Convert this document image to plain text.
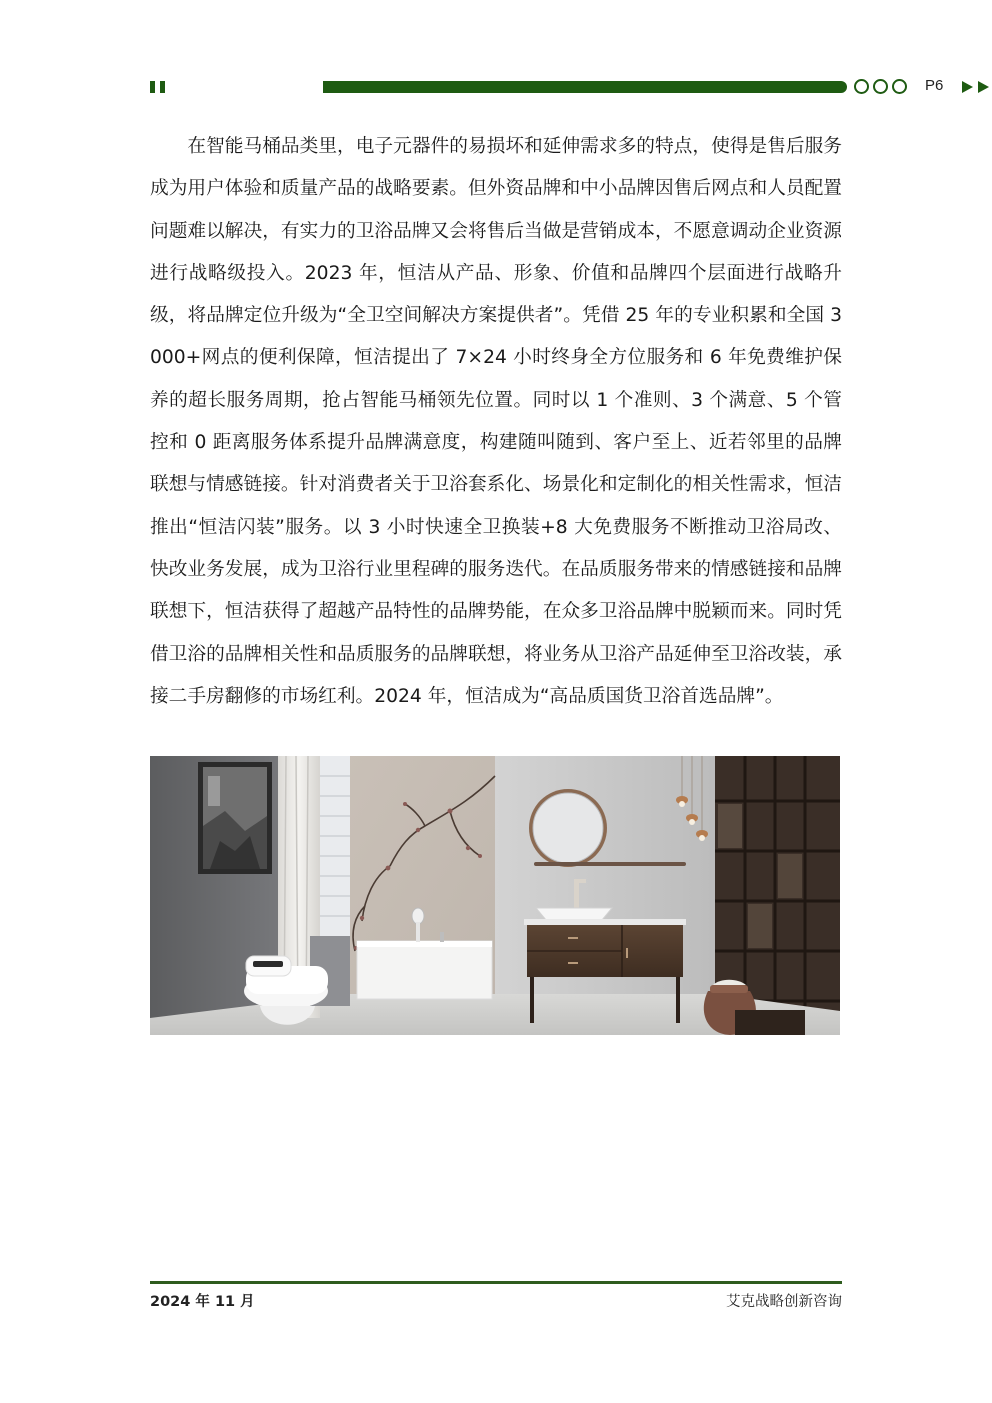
P6

在智能马桶品类里，电子元器件的易损坏和延伸需求多的特点，使得是售后服务成为用户体验和质量产品的战略要素。但外资品牌和中小品牌因售后网点和人员配置问题难以解决，有实力的卫浴品牌又会将售后当做是营销成本，不愿意调动企业资源进行战略级投入。2023 年，恒洁从产品、形象、价值和品牌四个层面进行战略升级，将品牌定位升级为“全卫空间解决方案提供者”。凭借 25 年的专业积累和全国 3000+网点的便利保障，恒洁提出了 7×24 小时终身全方位服务和 6 年免费维护保养的超长服务周期，抢占智能马桶领先位置。同时以 1 个准则、3 个满意、5 个管控和 0 距离服务体系提升品牌满意度，构建随叫随到、客户至上、近若邻里的品牌联想与情感链接。针对消费者关于卫浴套系化、场景化和定制化的相关性需求，恒洁推出“恒洁闪装”服务。以 3 小时快速全卫换装+8 大免费服务不断推动卫浴局改、快改业务发展，成为卫浴行业里程碑的服务迭代。在品质服务带来的情感链接和品牌联想下，恒洁获得了超越产品特性的品牌势能，在众多卫浴品牌中脱颖而来。同时凭借卫浴的品牌相关性和品质服务的品牌联想，将业务从卫浴产品延伸至卫浴改装，承接二手房翻修的市场红利。2024 年，恒洁成为“高品质国货卫浴首选品牌”。

2024 年 11 月	艾克战略创新咨询
